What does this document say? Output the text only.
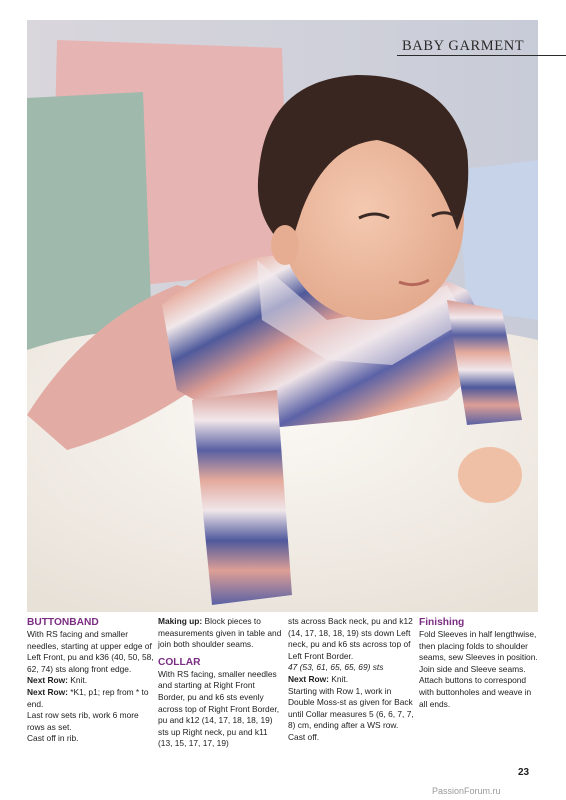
BABY GARMENT

BUTTONBAND

With RS facing and smaller needles, starting at upper edge of Left Front, pu and k36 (40, 50, 58, 62, 74) sts along front edge.

Next Row: Knit.

Next Row: *K1, p1; rep from * to end.

Last row sets rib, work 6 more rows as set.

Cast off in rib.

Making up: Block pieces to measurements given in table and join both shoulder seams.

COLLAR

With RS facing, smaller needles and starting at Right Front Border, pu and k6 sts evenly across top of Right Front Border, pu and k12 (14, 17, 18, 18, 19) sts up Right neck, pu and k11 (13, 15, 17, 17, 19)

sts across Back neck, pu and k12 (14, 17, 18, 18, 19) sts down Left neck, pu and k6 sts across top of Left Front Border.

47 (53, 61, 65, 65, 69) sts

Next Row: Knit.

Starting with Row 1, work in Double Moss-st as given for Back until Collar measures 5 (6, 6, 7, 7, 8) cm, ending after a WS row.

Cast off.

Finishing

Fold Sleeves in half lengthwise, then placing folds to shoulder seams, sew Sleeves in position. Join side and Sleeve seams. Attach buttons to correspond with buttonholes and weave in all ends.

23
PassionForum.ru
